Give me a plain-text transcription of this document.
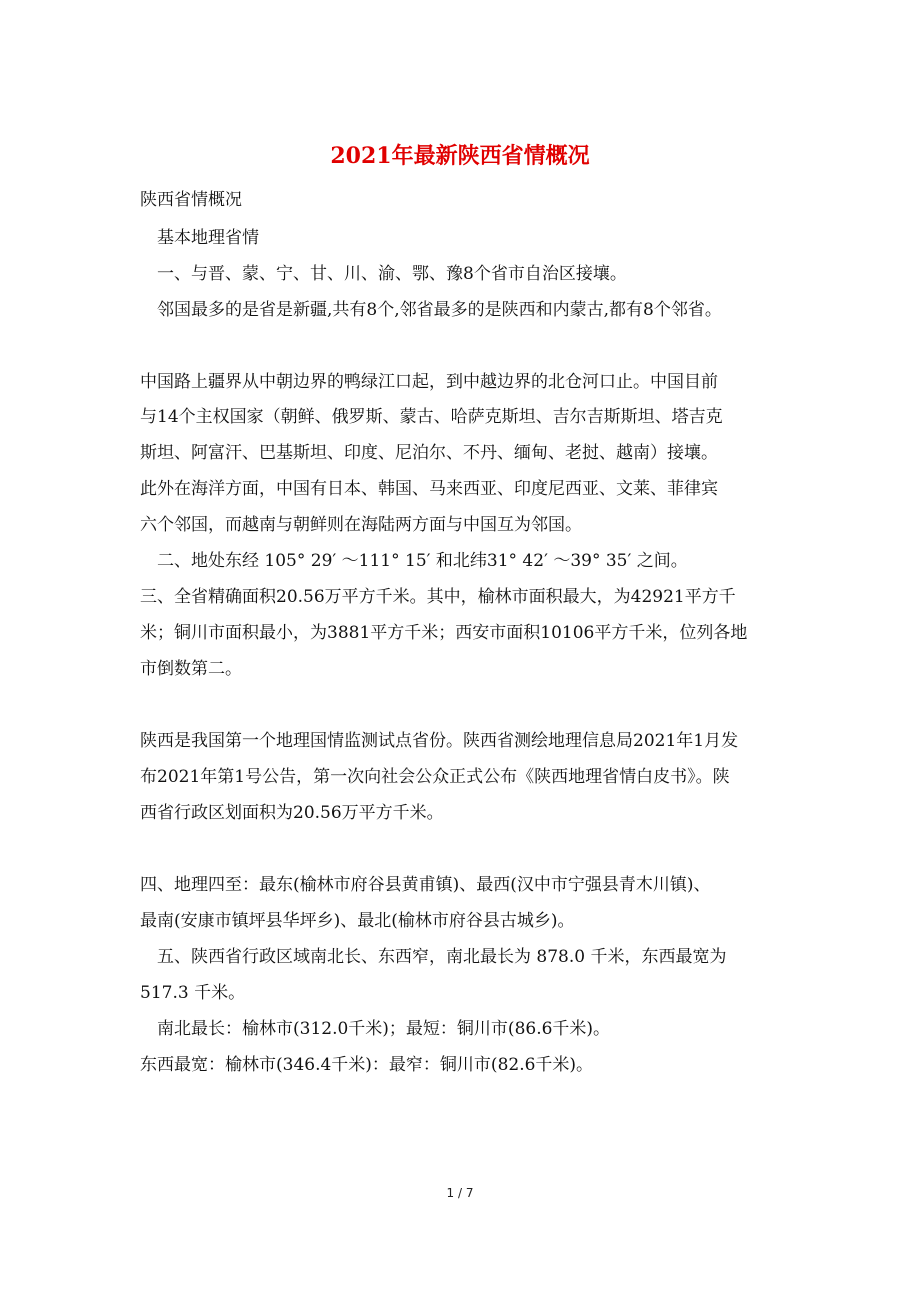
2021年最新陕西省情概况

陕西省情概况

　基本地理省情

　一、与晋、蒙、宁、甘、川、渝、鄂、豫8个省市自治区接壤。

　邻国最多的是省是新疆,共有8个,邻省最多的是陕西和内蒙古,都有8个邻省。

中国路上疆界从中朝边界的鸭绿江口起，到中越边界的北仓河口止。中国目前

与14个主权国家（朝鲜、俄罗斯、蒙古、哈萨克斯坦、吉尔吉斯斯坦、塔吉克

斯坦、阿富汗、巴基斯坦、印度、尼泊尔、不丹、缅甸、老挝、越南）接壤。

此外在海洋方面，中国有日本、韩国、马来西亚、印度尼西亚、文莱、菲律宾

六个邻国，而越南与朝鲜则在海陆两方面与中国互为邻国。

　二、地处东经 105° 29′ ～111° 15′ 和北纬31° 42′ ～39° 35′ 之间。

三、全省精确面积20.56万平方千米。其中，榆林市面积最大，为42921平方千

米；铜川市面积最小，为3881平方千米；西安市面积10106平方千米，位列各地

市倒数第二。

陕西是我国第一个地理国情监测试点省份。陕西省测绘地理信息局2021年1月发

布2021年第1号公告，第一次向社会公众正式公布《陕西地理省情白皮书》。陕

西省行政区划面积为20.56万平方千米。

四、地理四至：最东(榆林市府谷县黄甫镇)、最西(汉中市宁强县青木川镇)、

最南(安康市镇坪县华坪乡)、最北(榆林市府谷县古城乡)。

　五、陕西省行政区域南北长、东西窄，南北最长为 878.0 千米，东西最宽为

517.3 千米。

　南北最长：榆林市(312.0千米)；最短：铜川市(86.6千米)。

东西最宽：榆林市(346.4千米)：最窄：铜川市(82.6千米)。

1 / 7
